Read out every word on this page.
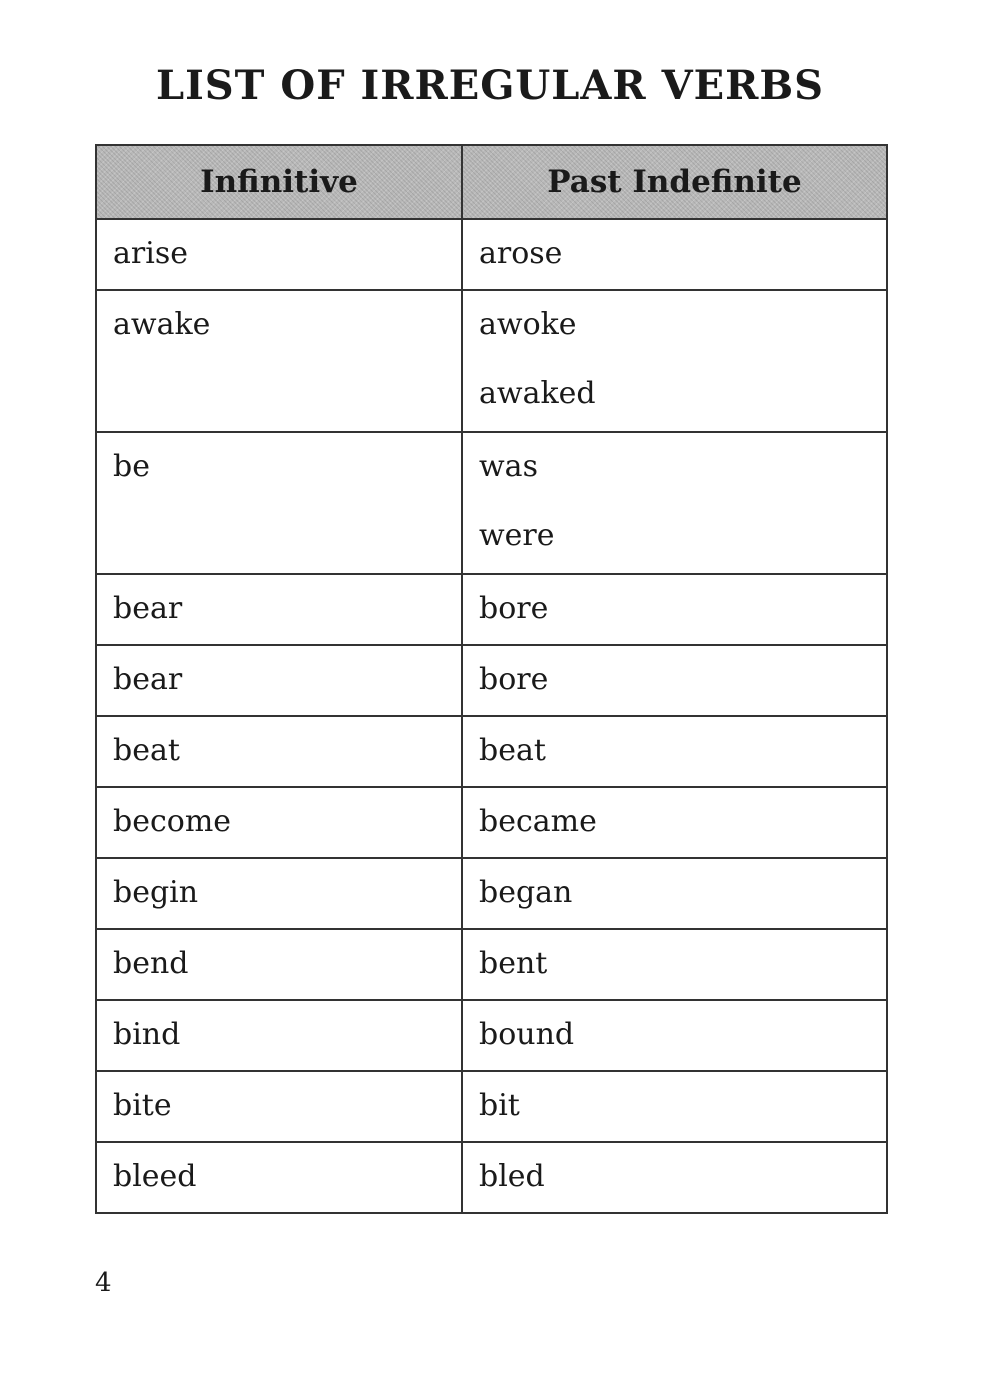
LIST OF IRREGULAR VERBS
Infinitive	Past Indefinite

arise	arose

awake	awoke
awaked

be	was
were

bear	bore

bear	bore

beat	beat

become	became

begin	began

bend	bent

bind	bound

bite	bit

bleed	bled
4
